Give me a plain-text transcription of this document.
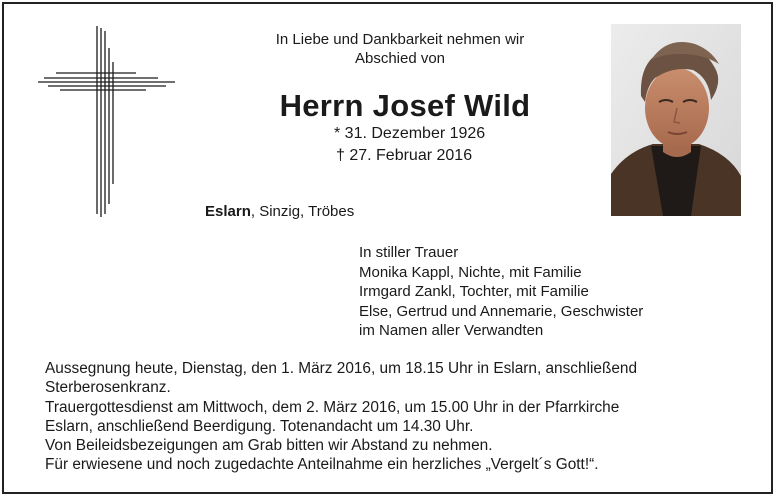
In Liebe und Dankbarkeit nehmen wir
Abschied von
Herrn Josef Wild
* 31. Dezember 1926
† 27. Februar 2016
Eslarn, Sinzig, Tröbes
In stiller Trauer
Monika Kappl, Nichte, mit Familie
Irmgard Zankl, Tochter, mit Familie
Else, Gertrud und Annemarie, Geschwister
im Namen aller Verwandten
Aussegnung heute, Dienstag, den 1. März 2016, um 18.15 Uhr in Eslarn, anschließend
Sterberosenkranz.
Trauergottesdienst am Mittwoch, dem 2. März 2016, um 15.00 Uhr in der Pfarrkirche
Eslarn, anschließend Beerdigung. Totenandacht um 14.30 Uhr.
Von Beileidsbezeigungen am Grab bitten wir Abstand zu nehmen.
Für erwiesene und noch zugedachte Anteilnahme ein herzliches „Vergelt´s Gott!“.
